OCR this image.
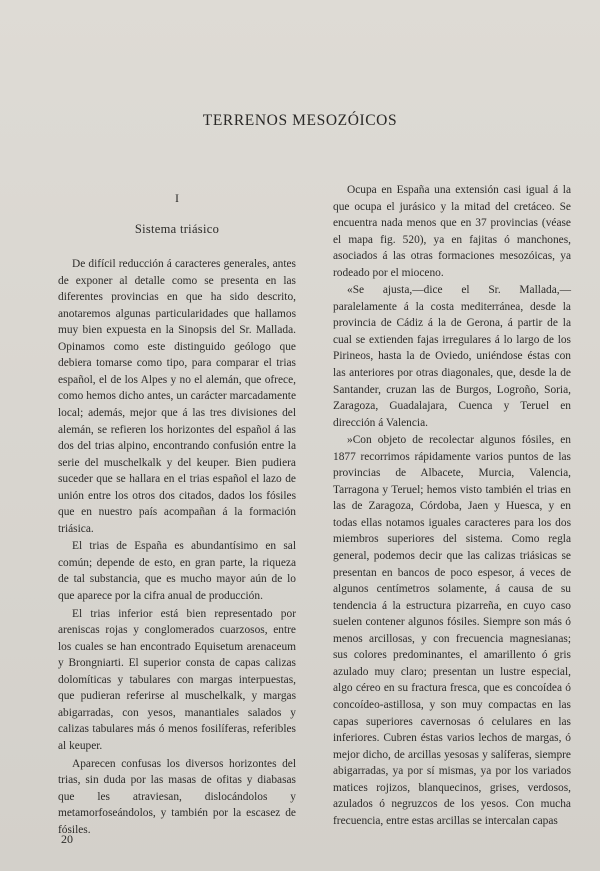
TERRENOS MESOZÓICOS
I
Sistema triásico

De difícil reducción á caracteres generales, antes de exponer al detalle como se presenta en las diferentes provincias en que ha sido descrito, anotaremos algunas particularidades que hallamos muy bien expuesta en la Sinopsis del Sr. Mallada. Opinamos como este distinguido geólogo que debiera tomarse como tipo, para comparar el trias español, el de los Alpes y no el alemán, que ofrece, como hemos dicho antes, un carácter marcadamente local; además, mejor que á las tres divisiones del alemán, se refieren los horizontes del español á las dos del trias alpino, encontrando confusión entre la serie del muschelkalk y del keuper. Bien pudiera suceder que se hallara en el trias español el lazo de unión entre los otros dos citados, dados los fósiles que en nuestro país acompañan á la formación triásica.

El trias de España es abundantísimo en sal común; depende de esto, en gran parte, la riqueza de tal substancia, que es mucho mayor aún de lo que aparece por la cifra anual de producción.

El trias inferior está bien representado por areniscas rojas y conglomerados cuarzosos, entre los cuales se han encontrado Equisetum arenaceum y Brongniarti. El superior consta de capas calizas dolomíticas y tabulares con margas interpuestas, que pudieran referirse al muschelkalk, y margas abigarradas, con yesos, manantiales salados y calizas tabulares más ó menos fosilíferas, referibles al keuper.

Aparecen confusas los diversos horizontes del trias, sin duda por las masas de ofitas y diabasas que les atraviesan, dislocándolos y metamorfoseándolos, y también por la escasez de fósiles.

Ocupa en España una extensión casi igual á la que ocupa el jurásico y la mitad del cretáceo. Se encuentra nada menos que en 37 provincias (véase el mapa fig. 520), ya en fajitas ó manchones, asociados á las otras formaciones mesozóicas, ya rodeado por el mioceno.

«Se ajusta,—dice el Sr. Mallada,—paralelamente á la costa mediterránea, desde la provincia de Cádiz á la de Gerona, á partir de la cual se extienden fajas irregulares á lo largo de los Pirineos, hasta la de Oviedo, uniéndose éstas con las anteriores por otras diagonales, que, desde la de Santander, cruzan las de Burgos, Logroño, Soria, Zaragoza, Guadalajara, Cuenca y Teruel en dirección á Valencia.

»Con objeto de recolectar algunos fósiles, en 1877 recorrimos rápidamente varios puntos de las provincias de Albacete, Murcia, Valencia, Tarragona y Teruel; hemos visto también el trias en las de Zaragoza, Córdoba, Jaen y Huesca, y en todas ellas notamos iguales caracteres para los dos miembros superiores del sistema. Como regla general, podemos decir que las calizas triásicas se presentan en bancos de poco espesor, á veces de algunos centímetros solamente, á causa de su tendencia á la estructura pizarreña, en cuyo caso suelen contener algunos fósiles. Siempre son más ó menos arcillosas, y con frecuencia magnesianas; sus colores predominantes, el amarillento ó gris azulado muy claro; presentan un lustre especial, algo céreo en su fractura fresca, que es concoídea ó concoídeo-astillosa, y son muy compactas en las capas superiores cavernosas ó celulares en las inferiores. Cubren éstas varios lechos de margas, ó mejor dicho, de arcillas yesosas y salíferas, siempre abigarradas, ya por sí mismas, ya por los variados matices rojizos, blanquecinos, grises, verdosos, azulados ó negruzcos de los yesos. Con mucha frecuencia, entre estas arcillas se intercalan capas

20
